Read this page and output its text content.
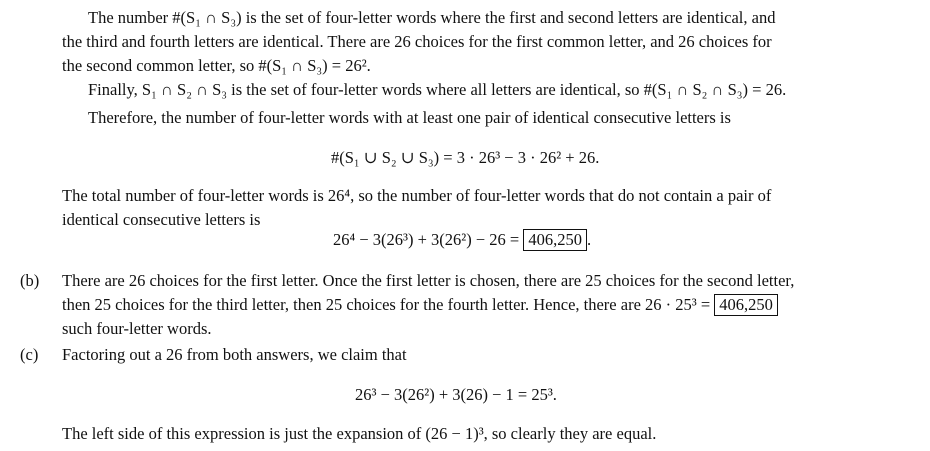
The number #(S₁ ∩ S₃) is the set of four-letter words where the first and second letters are identical, and
the third and fourth letters are identical. There are 26 choices for the first common letter, and 26 choices for
the second common letter, so #(S₁ ∩ S₃) = 26².
Finally, S₁ ∩ S₂ ∩ S₃ is the set of four-letter words where all letters are identical, so #(S₁ ∩ S₂ ∩ S₃) = 26.
Therefore, the number of four-letter words with at least one pair of identical consecutive letters is
#(S₁ ∪ S₂ ∪ S₃) = 3 · 26³ − 3 · 26² + 26.
The total number of four-letter words is 26⁴, so the number of four-letter words that do not contain a pair of
identical consecutive letters is
26⁴ − 3(26³) + 3(26²) − 26 = 406,250 .
(b) There are 26 choices for the first letter. Once the first letter is chosen, there are 25 choices for the second letter,
then 25 choices for the third letter, then 25 choices for the fourth letter. Hence, there are 26 · 25³ = 406,250
such four-letter words.
(c) Factoring out a 26 from both answers, we claim that
26³ − 3(26²) + 3(26) − 1 = 25³.
The left side of this expression is just the expansion of (26 − 1)³, so clearly they are equal.
